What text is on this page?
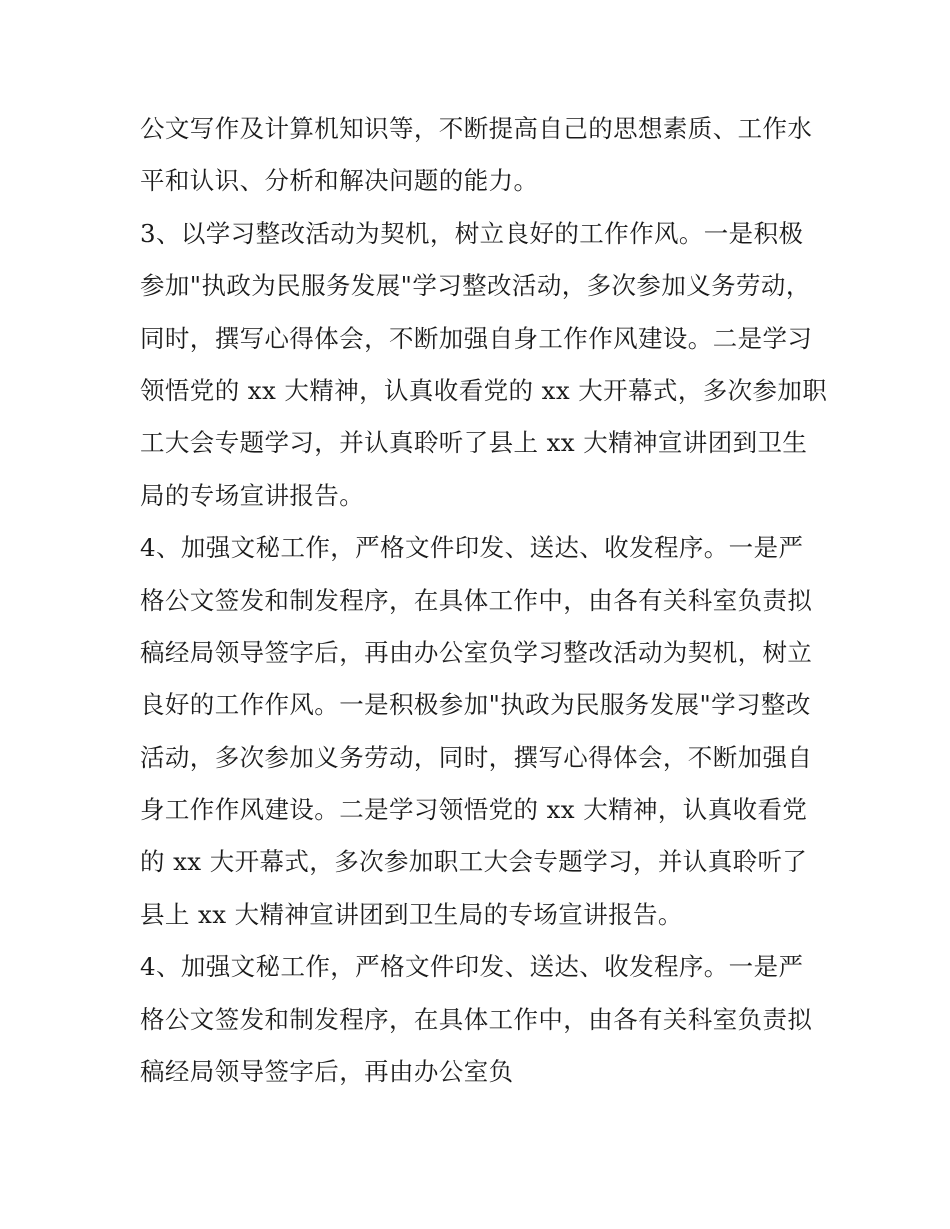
公文写作及计算机知识等，不断提高自己的思想素质、工作水
平和认识、分析和解决问题的能力。
3、以学习整改活动为契机，树立良好的工作作风。一是积极
参加"执政为民服务发展"学习整改活动，多次参加义务劳动，
同时，撰写心得体会，不断加强自身工作作风建设。二是学习
领悟党的 xx 大精神，认真收看党的 xx 大开幕式，多次参加职
工大会专题学习，并认真聆听了县上 xx 大精神宣讲团到卫生
局的专场宣讲报告。
4、加强文秘工作，严格文件印发、送达、收发程序。一是严
格公文签发和制发程序，在具体工作中，由各有关科室负责拟
稿经局领导签字后，再由办公室负学习整改活动为契机，树立
良好的工作作风。一是积极参加"执政为民服务发展"学习整改
活动，多次参加义务劳动，同时，撰写心得体会，不断加强自
身工作作风建设。二是学习领悟党的 xx 大精神，认真收看党
的 xx 大开幕式，多次参加职工大会专题学习，并认真聆听了
县上 xx 大精神宣讲团到卫生局的专场宣讲报告。
4、加强文秘工作，严格文件印发、送达、收发程序。一是严
格公文签发和制发程序，在具体工作中，由各有关科室负责拟
稿经局领导签字后，再由办公室负
